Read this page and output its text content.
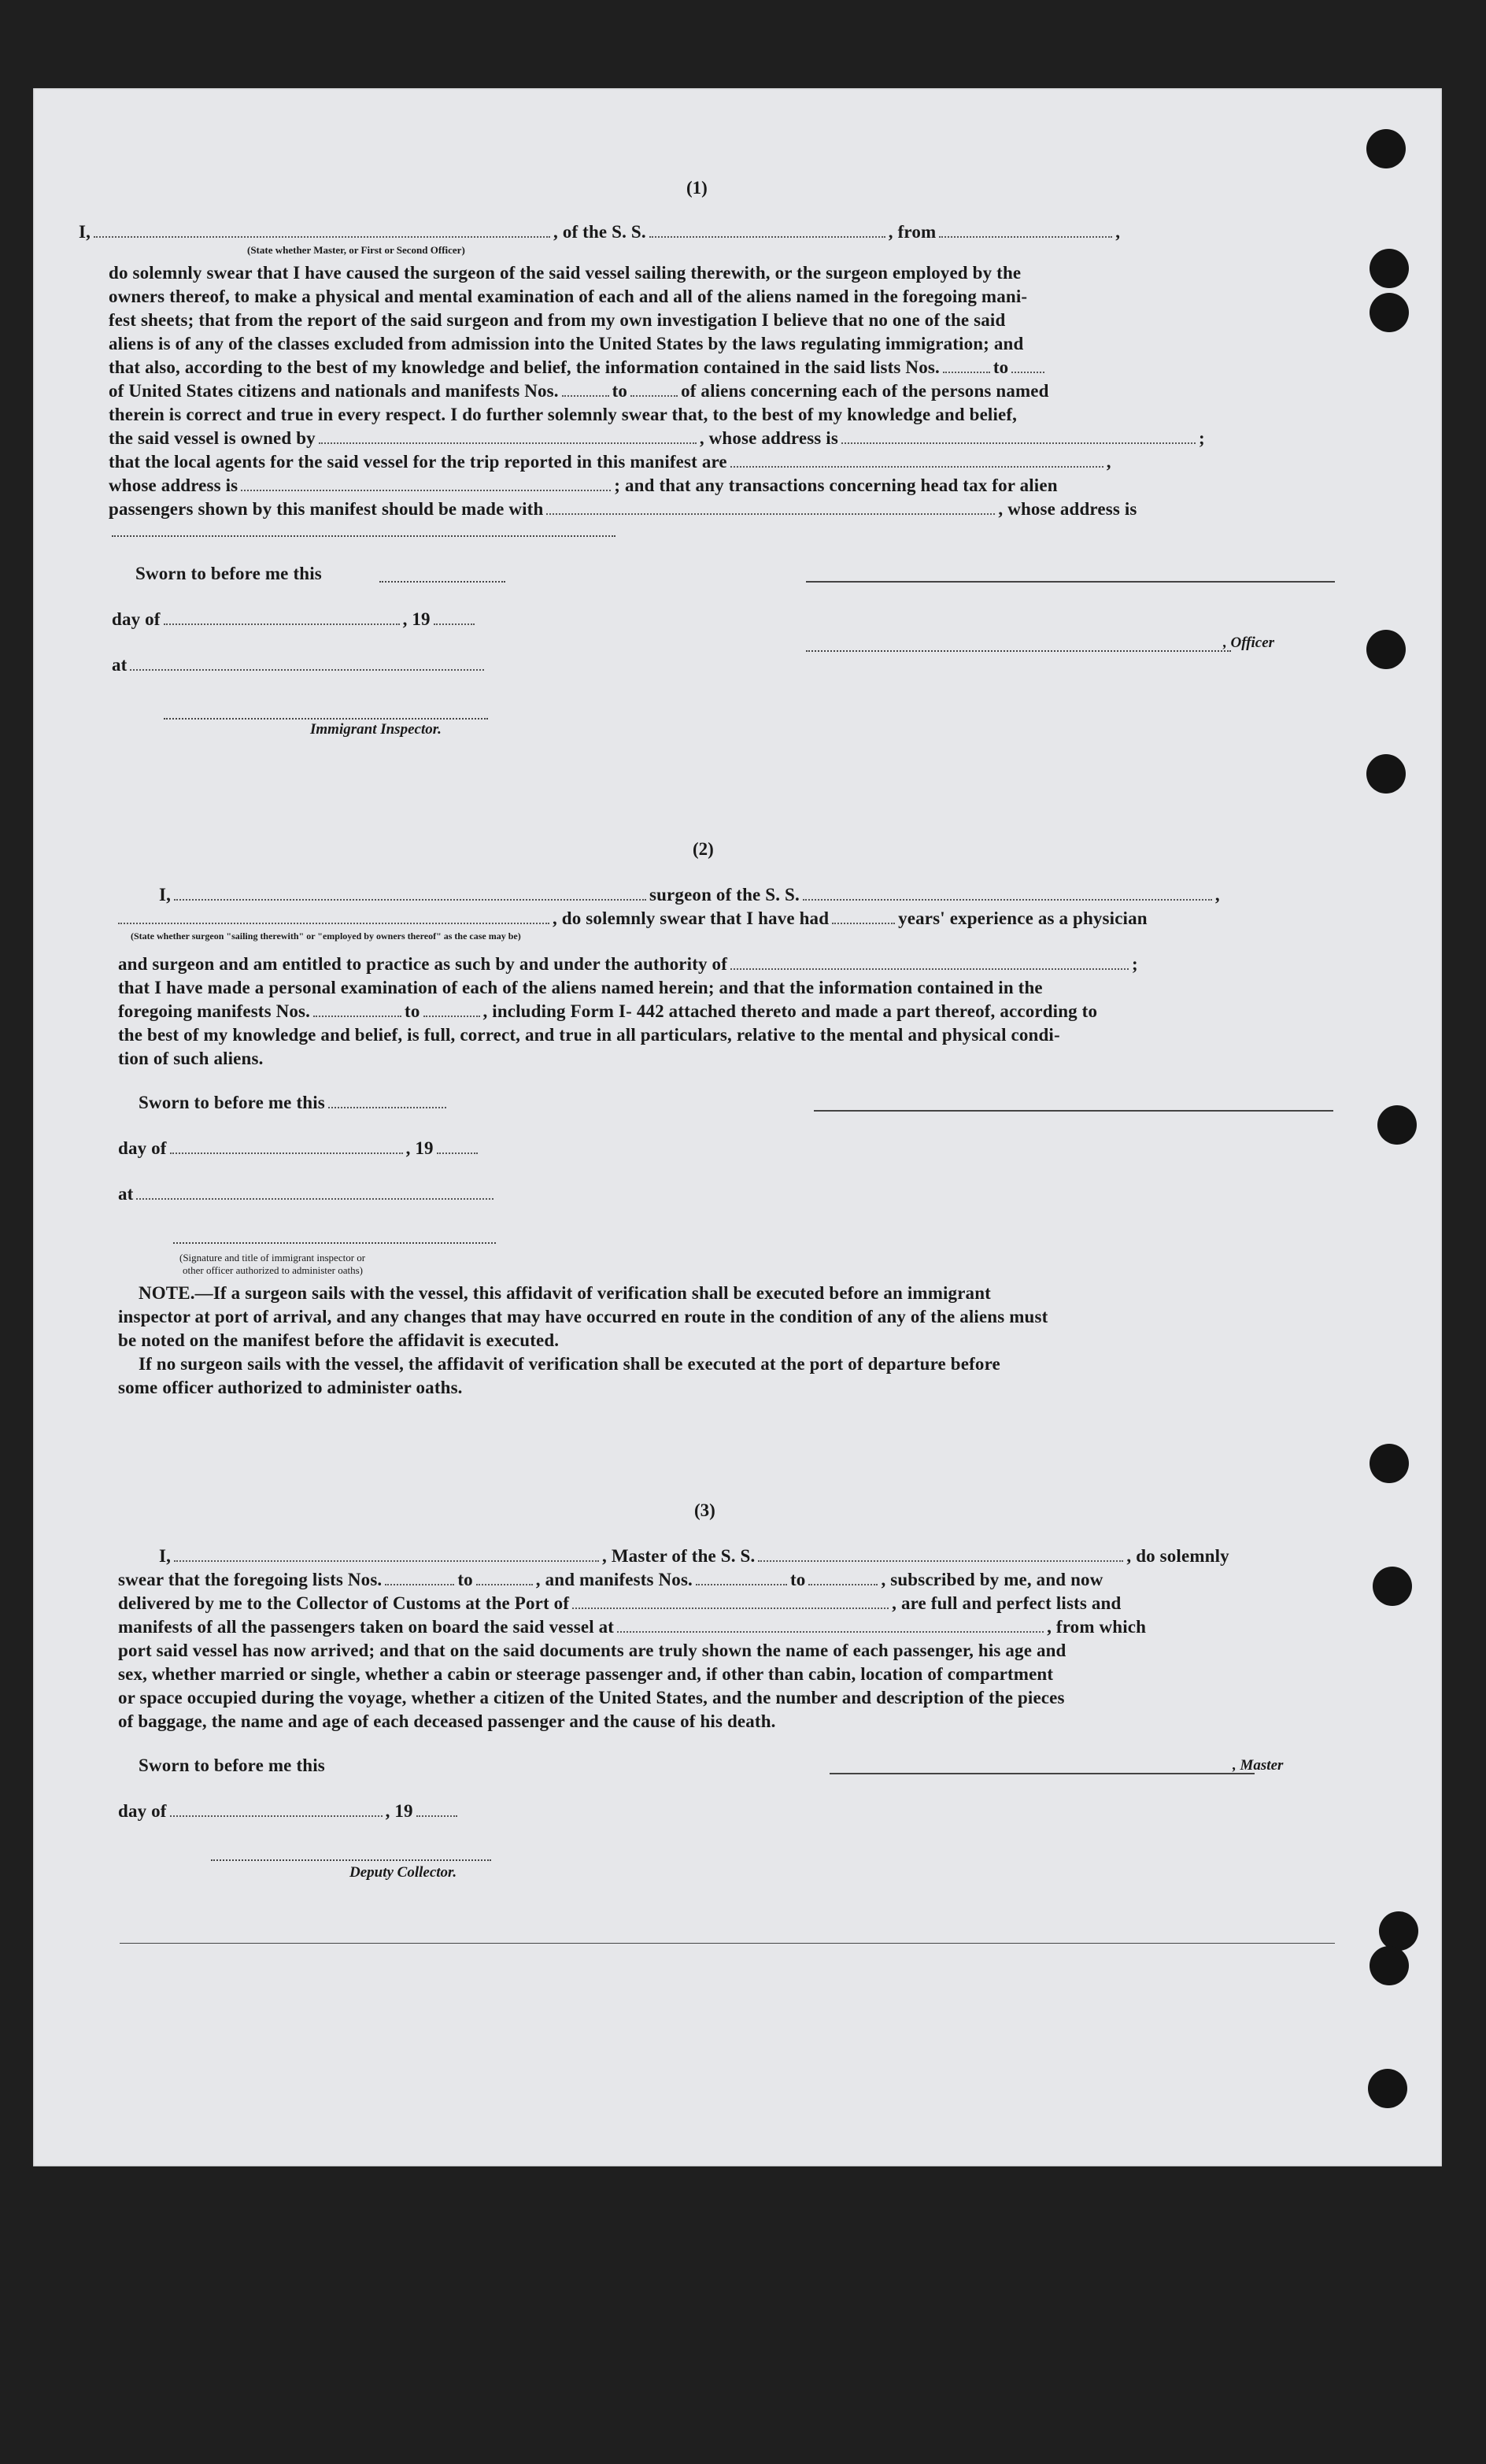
(1)
I,	, of the S. S.	, from	,
(State whether Master, or First or Second Officer)
do solemnly swear that I have caused the surgeon of the said vessel sailing therewith, or the surgeon employed by the
owners thereof, to make a physical and mental examination of each and all of the aliens named in the foregoing mani-
fest sheets; that from the report of the said surgeon and from my own investigation I believe that no one of the said
aliens is of any of the classes excluded from admission into the United States by the laws regulating immigration; and
that also, according to the best of my knowledge and belief, the information contained in the said lists Nos.	to
of United States citizens and nationals and manifests Nos.	to	of aliens concerning each of the persons named
therein is correct and true in every respect. I do further solemnly swear that, to the best of my knowledge and belief,
the said vessel is owned by	, whose address is	;
that the local agents for the said vessel for the trip reported in this manifest are	,
whose address is	; and that any transactions concerning head tax for alien
passengers shown by this manifest should be made with	, whose address is
Sworn to before me this
day of	, 19
, Officer
at
Immigrant Inspector.
(2)
I,	surgeon of the S. S.	,
, do solemnly swear that I have had	years' experience as a physician
(State whether surgeon "sailing therewith" or "employed by owners thereof" as the case may be)
and surgeon and am entitled to practice as such by and under the authority of	;
that I have made a personal examination of each of the aliens named herein; and that the information contained in the
foregoing manifests Nos.	to	, including Form I- 442 attached thereto and made a part thereof, according to
the best of my knowledge and belief, is full, correct, and true in all particulars, relative to the mental and physical condi-
tion of such aliens.
Sworn to before me this
day of	, 19
at
(Signature and title of immigrant inspector or
other officer authorized to administer oaths)
NOTE.—If a surgeon sails with the vessel, this affidavit of verification shall be executed before an immigrant
inspector at port of arrival, and any changes that may have occurred en route in the condition of any of the aliens must
be noted on the manifest before the affidavit is executed.
If no surgeon sails with the vessel, the affidavit of verification shall be executed at the port of departure before
some officer authorized to administer oaths.
(3)
I,	, Master of the S. S.	, do solemnly
swear that the foregoing lists Nos.	to	, and manifests Nos.	to	, subscribed by me, and now
delivered by me to the Collector of Customs at the Port of	, are full and perfect lists and
manifests of all the passengers taken on board the said vessel at	, from which
port said vessel has now arrived; and that on the said documents are truly shown the name of each passenger, his age and
sex, whether married or single, whether a cabin or steerage passenger and, if other than cabin, location of compartment
or space occupied during the voyage, whether a citizen of the United States, and the number and description of the pieces
of baggage, the name and age of each deceased passenger and the cause of his death.
Sworn to before me this	, Master
day of	, 19
Deputy Collector.
